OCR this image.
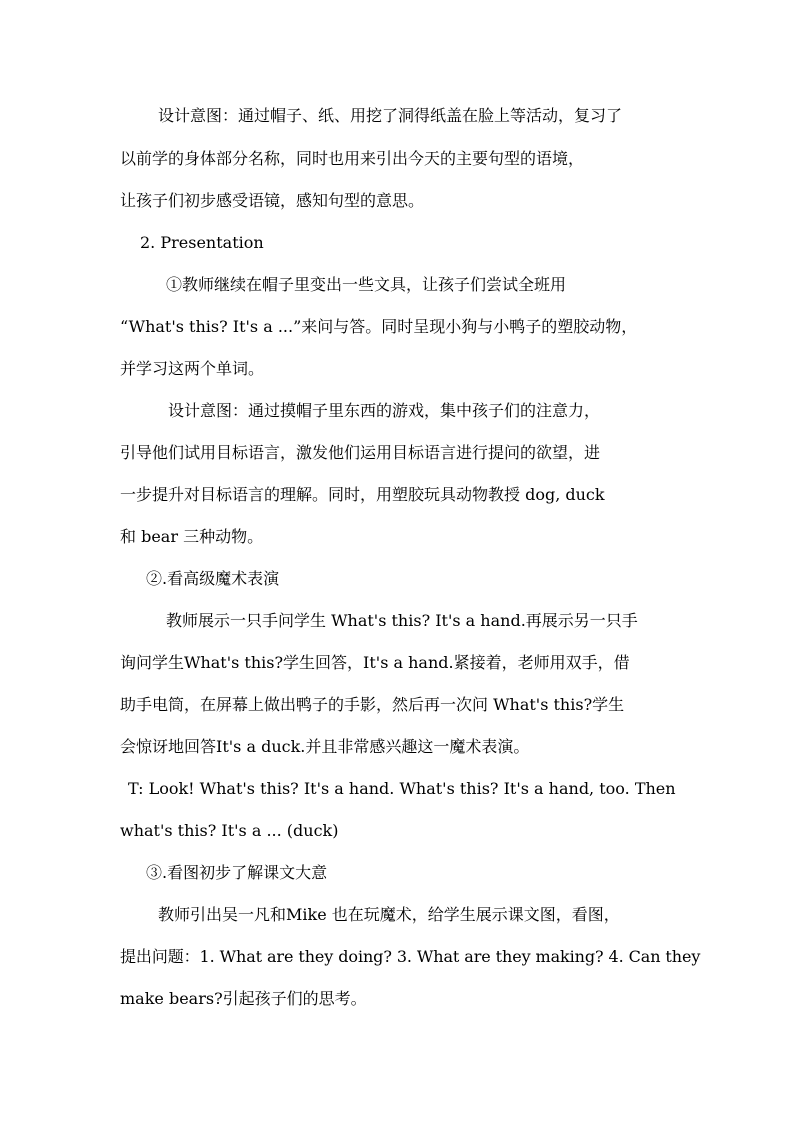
设计意图：通过帽子、纸、用挖了洞得纸盖在脸上等活动，复习了
以前学的身体部分名称，同时也用来引出今天的主要句型的语境，
让孩子们初步感受语镜，感知句型的意思。
2. Presentation
①教师继续在帽子里变出一些文具，让孩子们尝试全班用
“What's this? It's a ...”来问与答。同时呈现小狗与小鸭子的塑胶动物，
并学习这两个单词。
设计意图：通过摸帽子里东西的游戏，集中孩子们的注意力，
引导他们试用目标语言，激发他们运用目标语言进行提问的欲望，进
一步提升对目标语言的理解。同时，用塑胶玩具动物教授 dog, duck
和 bear 三种动物。
②.看高级魔术表演
教师展示一只手问学生 What's this? It's a hand.再展示另一只手
询问学生What's this?学生回答，It's a hand.紧接着，老师用双手，借
助手电筒，在屏幕上做出鸭子的手影，然后再一次问 What's this?学生
会惊讶地回答It's a duck.并且非常感兴趣这一魔术表演。
T: Look! What's this? It's a hand. What's this? It's a hand, too. Then
what's this? It's a ... (duck)
③.看图初步了解课文大意
教师引出吴一凡和Mike 也在玩魔术，给学生展示课文图，看图，
提出问题：1. What are they doing? 3. What are they making? 4. Can they
make bears?引起孩子们的思考。
